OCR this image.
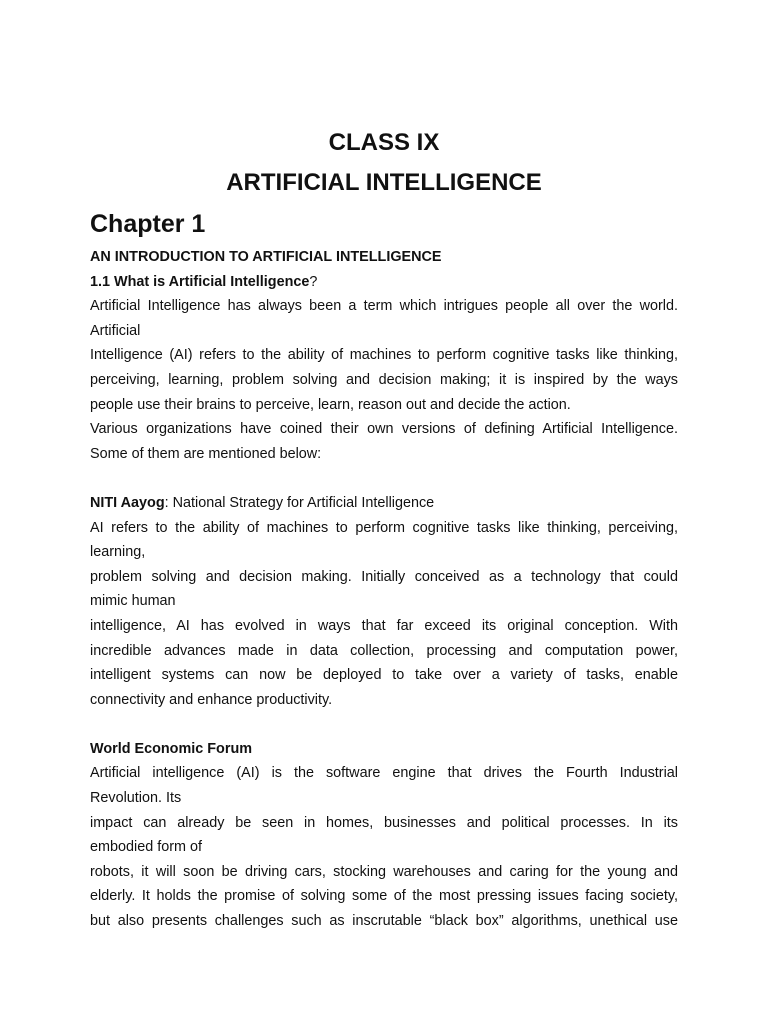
CLASS IX
ARTIFICIAL INTELLIGENCE
Chapter 1

AN INTRODUCTION TO ARTIFICIAL INTELLIGENCE

1.1 What is Artificial Intelligence?

Artificial Intelligence has always been a term which intrigues people all over the world.

Artificial

Intelligence (AI) refers to the ability of machines to perform cognitive tasks like thinking,

perceiving, learning, problem solving and decision making; it is inspired by the ways

people use their brains to perceive, learn, reason out and decide the action.

Various organizations have coined their own versions of defining Artificial Intelligence.

Some of them are mentioned below:

NITI Aayog: National Strategy for Artificial Intelligence

AI refers to the ability of machines to perform cognitive tasks like thinking, perceiving,

learning,

problem solving and decision making. Initially conceived as a technology that could

mimic human

intelligence, AI has evolved in ways that far exceed its original conception. With

incredible advances made in data collection, processing and computation power,

intelligent systems can now be deployed to take over a variety of tasks, enable

connectivity and enhance productivity.

World Economic Forum

Artificial intelligence (AI) is the software engine that drives the Fourth Industrial

Revolution. Its

impact can already be seen in homes, businesses and political processes. In its

embodied form of

robots, it will soon be driving cars, stocking warehouses and caring for the young and

elderly. It holds the promise of solving some of the most pressing issues facing society,

but also presents challenges such as inscrutable “black box” algorithms, unethical use
